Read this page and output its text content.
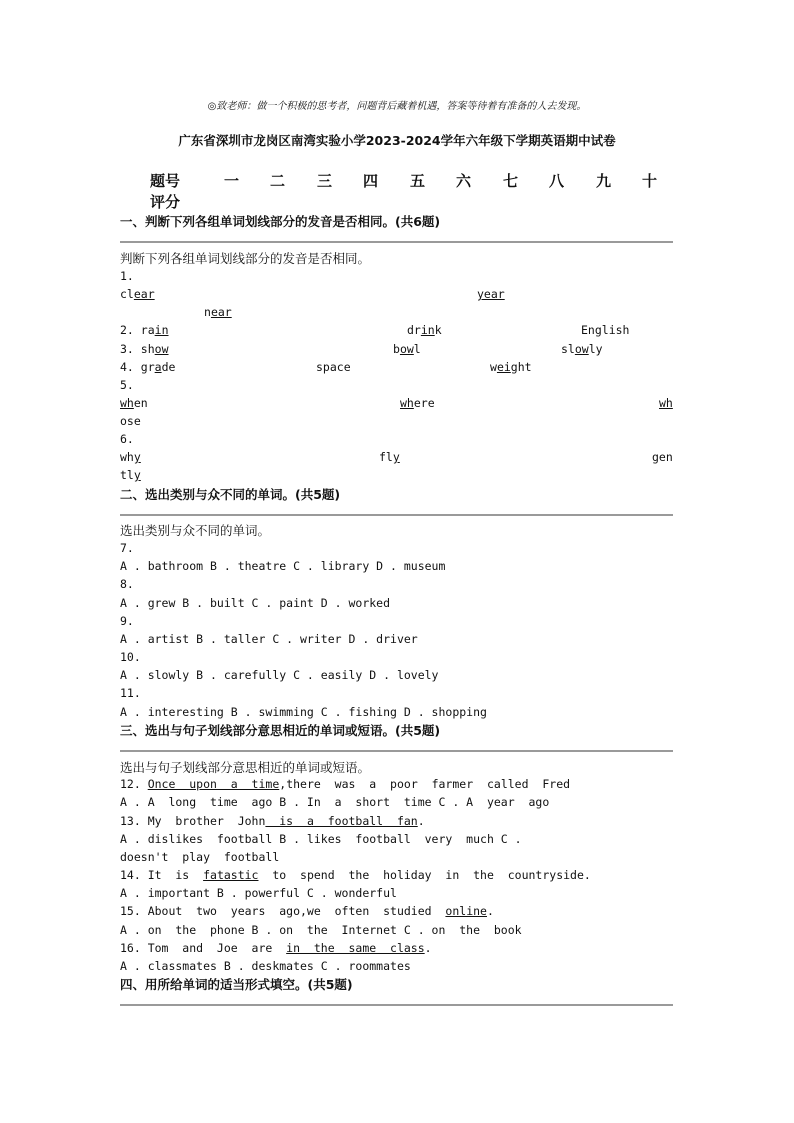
◎致老师：做一个积极的思考者，问题背后藏着机遇，答案等待着有准备的人去发现。
广东省深圳市龙岗区南湾实验小学2023-2024学年六年级下学期英语期中试卷
题号	一 二 三 四 五 六 七 八 九 十
评分
一、判断下列各组单词划线部分的发音是否相同。(共6题)
判断下列各组单词划线部分的发音是否相同。
1.
clear	year
near
2. rain	drink	English
3. show	bowl	slowly
4. grade	space	weight
5.
when	where	wh
ose
6.
why	fly	gen
tly
二、选出类别与众不同的单词。(共5题)
选出类别与众不同的单词。
7.
A . bathroom B . theatre C . library D . museum
8.
A . grew B . built C . paint D . worked
9.
A . artist B . taller C . writer D . driver
10.
A . slowly B . carefully C . easily D . lovely
11.
A . interesting B . swimming C . fishing D . shopping
三、选出与句子划线部分意思相近的单词或短语。(共5题)
选出与句子划线部分意思相近的单词或短语。
12. Once  upon  a  time,there  was  a  poor  farmer  called  Fred
A . A  long  time  ago B . In  a  short  time C . A  year  ago
13. My  brother  John  is  a  football  fan.
A . dislikes  football B . likes  football  very  much C .
doesn't  play  football
14. It  is  fatastic  to  spend  the  holiday  in  the  countryside.
A . important B . powerful C . wonderful
15. About  two  years  ago,we  often  studied  online.
A . on  the  phone B . on  the  Internet C . on  the  book
16. Tom  and  Joe  are  in  the  same  class.
A . classmates B . deskmates C . roommates
四、用所给单词的适当形式填空。(共5题)
